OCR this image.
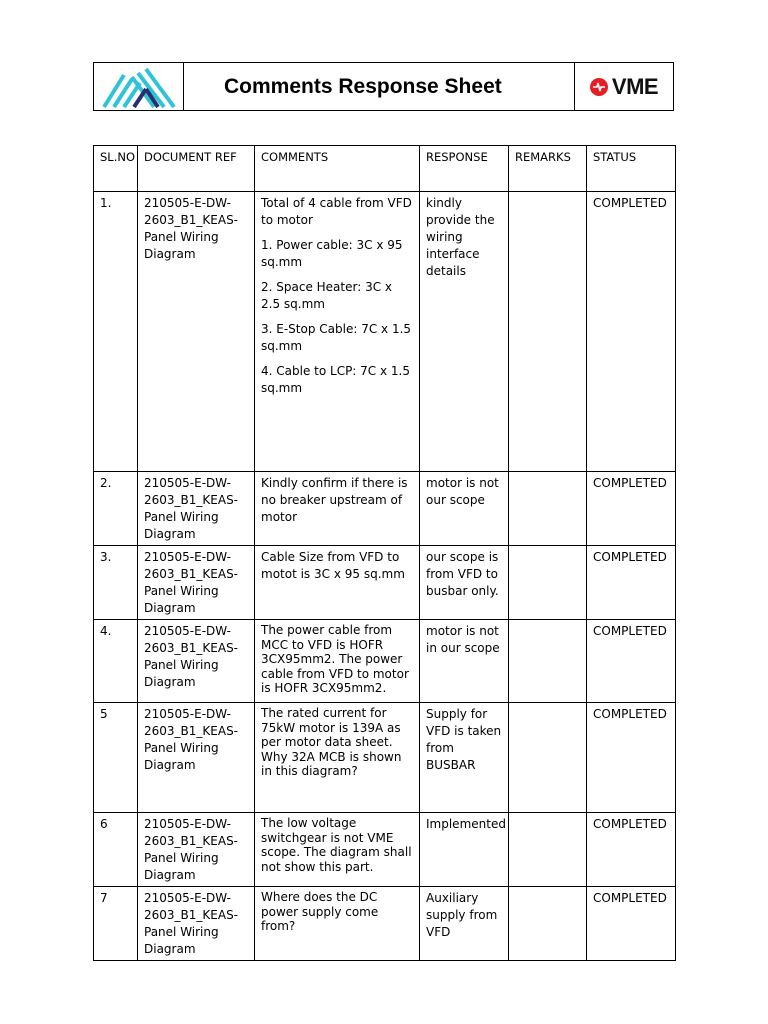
Comments Response Sheet	VME
SL.NO	DOCUMENT REF	COMMENTS	RESPONSE	REMARKS	STATUS
1.	210505-E-DW-2603_B1_KEAS-Panel Wiring Diagram	Total of 4 cable from VFD to motor

1. Power cable: 3C x 95 sq.mm

2. Space Heater: 3C x 2.5 sq.mm

3. E-Stop Cable: 7C x 1.5 sq.mm

4. Cable to LCP: 7C x 1.5 sq.mm	kindly provide the wiring interface details		COMPLETED
2.	210505-E-DW-2603_B1_KEAS-Panel Wiring Diagram	Kindly confirm if there is no breaker upstream of motor	motor is not our scope		COMPLETED
3.	210505-E-DW-2603_B1_KEAS-Panel Wiring Diagram	Cable Size from VFD to motot is 3C x 95 sq.mm	our scope is from VFD to busbar only.		COMPLETED
4.	210505-E-DW-2603_B1_KEAS-Panel Wiring Diagram	The power cable from MCC to VFD is HOFR 3CX95mm2. The power cable from VFD to motor is HOFR 3CX95mm2.	motor is not in our scope		COMPLETED
5	210505-E-DW-2603_B1_KEAS-Panel Wiring Diagram	The rated current for 75kW motor is 139A as per motor data sheet. Why 32A MCB is shown in this diagram?	Supply for VFD is taken from BUSBAR		COMPLETED
6	210505-E-DW-2603_B1_KEAS-Panel Wiring Diagram	The low voltage switchgear is not VME scope. The diagram shall not show this part.	Implemented		COMPLETED
7	210505-E-DW-2603_B1_KEAS-Panel Wiring Diagram	Where does the DC power supply come from?	Auxiliary supply from VFD		COMPLETED
